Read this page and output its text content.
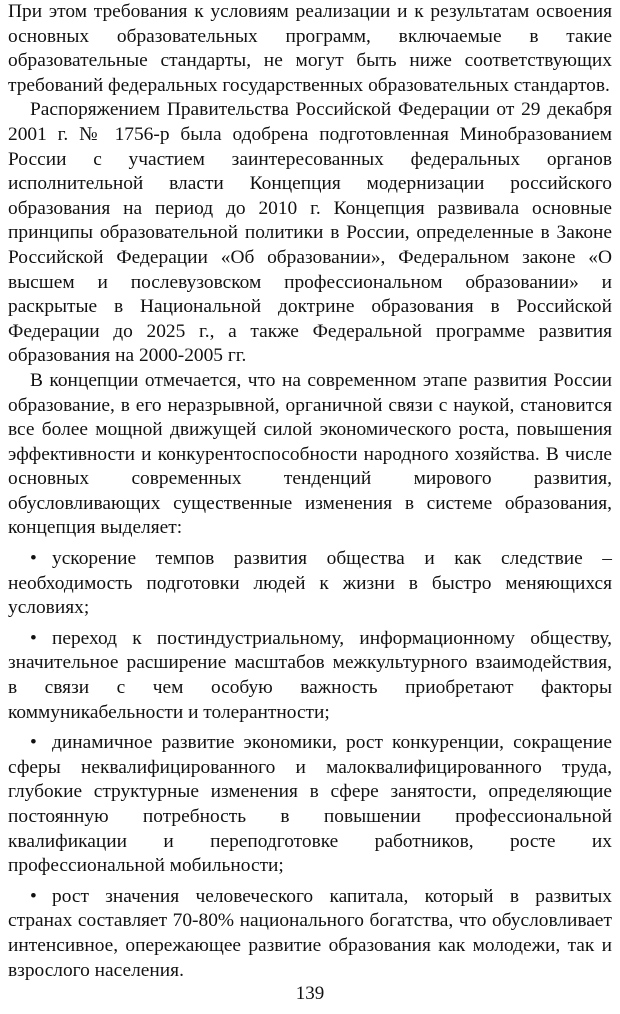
При этом требования к условиям реализации и к результатам освоения основных образовательных программ, включаемые в такие образовательные стандарты, не могут быть ниже соответствующих требований федеральных государственных образовательных стандартов.

Распоряжением Правительства Российской Федерации от 29 декабря 2001 г. № 1756-р была одобрена подготовленная Минобразованием России с участием заинтересованных федеральных органов исполнительной власти Концепция модернизации российского образования на период до 2010 г. Концепция развивала основные принципы образовательной политики в России, определенные в Законе Российской Федерации «Об образовании», Федеральном законе «О высшем и послевузовском профессиональном образовании» и раскрытые в Национальной доктрине образования в Российской Федерации до 2025 г., а также Федеральной программе развития образования на 2000-2005 гг.

В концепции отмечается, что на современном этапе развития России образование, в его неразрывной, органичной связи с наукой, становится все более мощной движущей силой экономического роста, повышения эффективности и конкурентоспособности народного хозяйства. В числе основных современных тенденций мирового развития, обусловливающих существенные изменения в системе образования, концепция выделяет:

• ускорение темпов развития общества и как следствие – необходимость подготовки людей к жизни в быстро меняющихся условиях;

• переход к постиндустриальному, информационному обществу, значительное расширение масштабов межкультурного взаимодействия, в связи с чем особую важность приобретают факторы коммуникабельности и толерантности;

• динамичное развитие экономики, рост конкуренции, сокращение сферы неквалифицированного и малоквалифицированного труда, глубокие структурные изменения в сфере занятости, определяющие постоянную потребность в повышении профессиональной квалификации и переподготовке работников, росте их профессиональной мобильности;

• рост значения человеческого капитала, который в развитых странах составляет 70-80% национального богатства, что обусловливает интенсивное, опережающее развитие образования как молодежи, так и взрослого населения.

139
